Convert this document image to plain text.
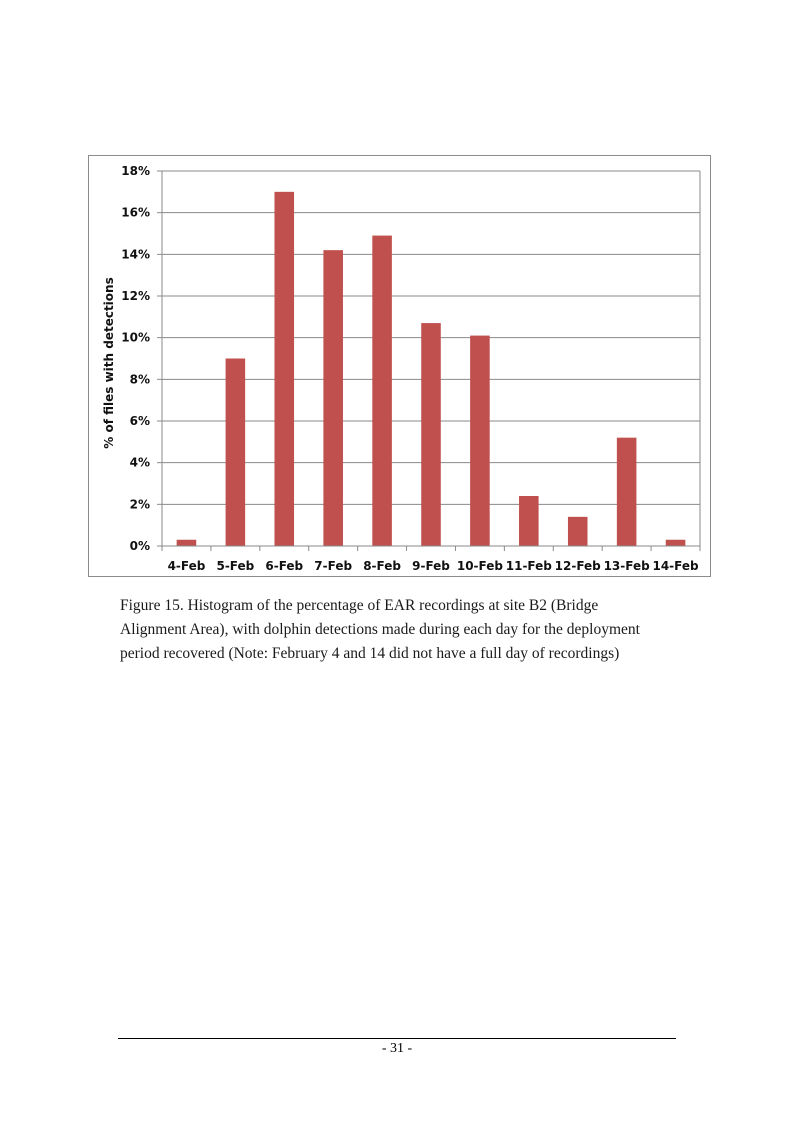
0%
2%
4%
6%
8%
10%
12%
14%
16%
18%
4-Feb 5-Feb 6-Feb 7-Feb 8-Feb 9-Feb 10-Feb 11-Feb 12-Feb 13-Feb 14-Feb
% of files with detections
Figure 15. Histogram of the percentage of EAR recordings at site B2 (Bridge
Alignment Area), with dolphin detections made during each day for the deployment
period recovered (Note: February 4 and 14 did not have a full day of recordings)
- 31 -
